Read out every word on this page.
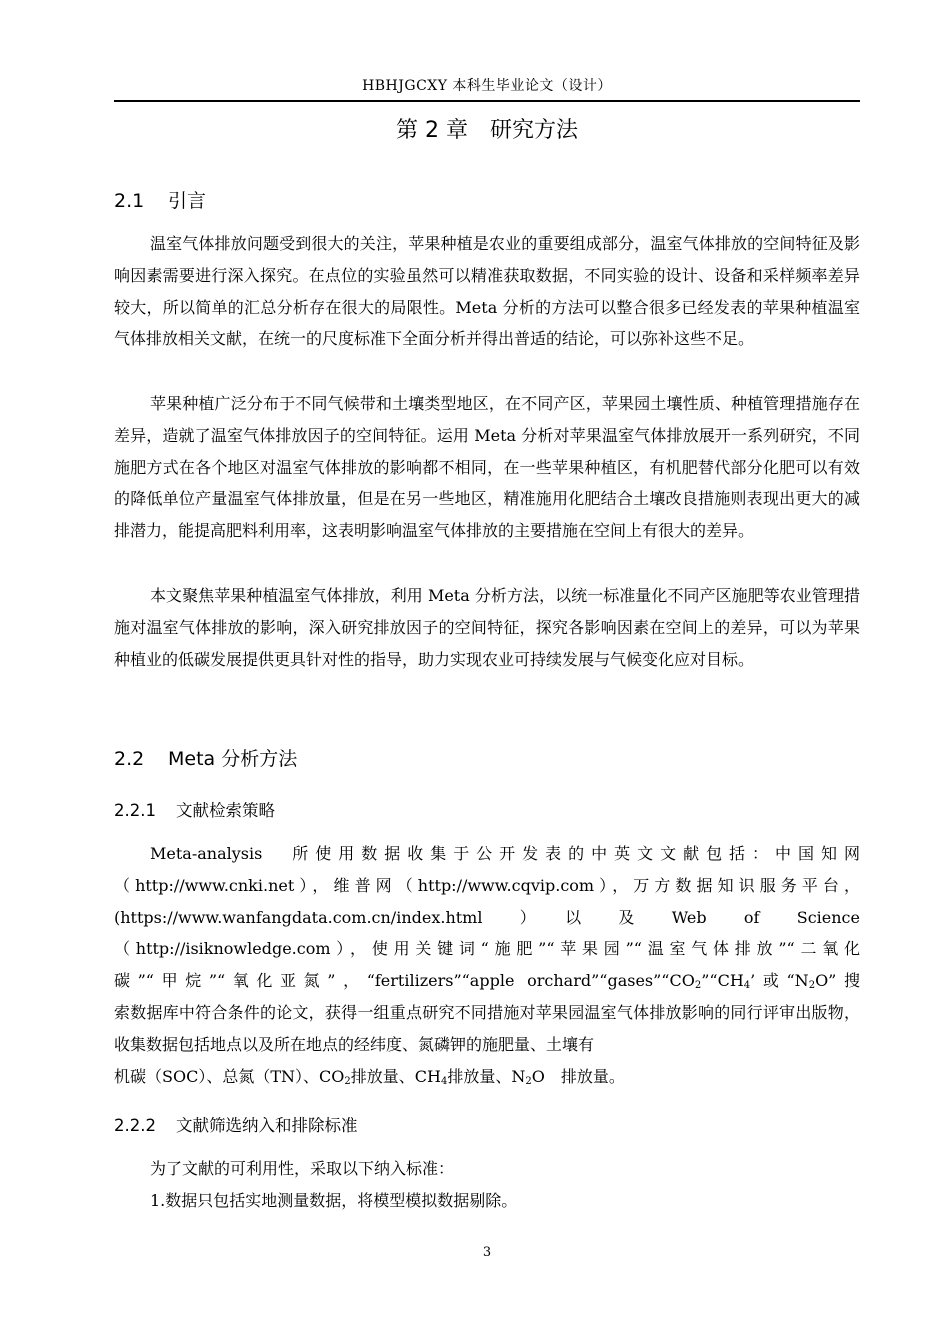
HBHJGCXY 本科生毕业论文（设计）
第 2 章　研究方法
2.1 引言
温室气体排放问题受到很大的关注，苹果种植是农业的重要组成部分，温室气体排放的空间特征及影响因素需要进行深入探究。在点位的实验虽然可以精准获取数据，不同实验的设计、设备和采样频率差异较大，所以简单的汇总分析存在很大的局限性。Meta 分析的方法可以整合很多已经发表的苹果种植温室气体排放相关文献，在统一的尺度标准下全面分析并得出普适的结论，可以弥补这些不足。
苹果种植广泛分布于不同气候带和土壤类型地区，在不同产区，苹果园土壤性质、种植管理措施存在差异，造就了温室气体排放因子的空间特征。运用 Meta 分析对苹果温室气体排放展开一系列研究，不同施肥方式在各个地区对温室气体排放的影响都不相同，在一些苹果种植区，有机肥替代部分化肥可以有效的降低单位产量温室气体排放量，但是在另一些地区，精准施用化肥结合土壤改良措施则表现出更大的减排潜力，能提高肥料利用率，这表明影响温室气体排放的主要措施在空间上有很大的差异。
本文聚焦苹果种植温室气体排放，利用 Meta 分析方法，以统一标准量化不同产区施肥等农业管理措施对温室气体排放的影响，深入研究排放因子的空间特征，探究各影响因素在空间上的差异，可以为苹果种植业的低碳发展提供更具针对性的指导，助力实现农业可持续发展与气候变化应对目标。
2.2 Meta 分析方法
2.2.1 文献检索策略
Meta-analysis　所使用数据收集于公开发表的中英文文献包括：中国知网
（http://www.cnki.net），维普网（http://www.cqvip.com），万方数据知识服务平台，
(https://www.wanfangdata.com.cn/index.html　）　以　及　Web　of　Science
（http://isiknowledge.com），使用关键词“施肥”“苹果园”“温室气体排放”“二氧化
碳”“甲烷”“氧化亚氮”，“fertilizers”“apple $orchard”“gases”“CO_2”“CH_4$’或“$N_2O$”搜
索数据库中符合条件的论文，获得一组重点研究不同措施对苹果园温室气体排放影响的同行评审出版物，收集数据包括地点以及所在地点的经纬度、氮磷钾的施肥量、土壤有
机碳（SOC）、总氮（TN）、$CO_2$排放量、$CH_4$排放量、$N_2O$　排放量。
2.2.2 文献筛选纳入和排除标准
为了文献的可利用性，采取以下纳入标准：
1.数据只包括实地测量数据，将模型模拟数据剔除。
3
